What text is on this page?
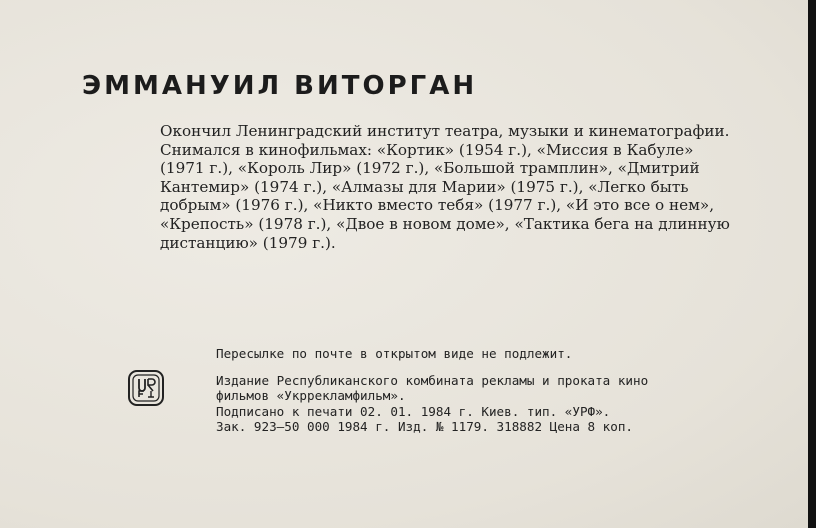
ЭММАНУИЛ ВИТОРГАН

Окончил Ленинградский институт театра, музыки и кинематографии.

Снимался в кинофильмах: «Кортик» (1954 г.), «Миссия в Кабуле» (1971 г.), «Король Лир» (1972 г.), «Большой трамплин», «Дмитрий Кантемир» (1974 г.), «Алмазы для Марии» (1975 г.), «Легко быть добрым» (1976 г.), «Никто вместо тебя» (1977 г.), «И это все о нем», «Крепость» (1978 г.), «Двое в новом доме», «Тактика бега на длинную дистанцию» (1979 г.).

Пересылке по почте в открытом виде не подлежит.
Издание Республиканского комбината рекламы и проката кино
фильмов «Укррекламфильм».
Подписано к печати 02. 01. 1984 г. Киев. тип. «УРФ».
Зак. 923—50 000 1984 г. Изд. № 1179. 318882 Цена 8 коп.
